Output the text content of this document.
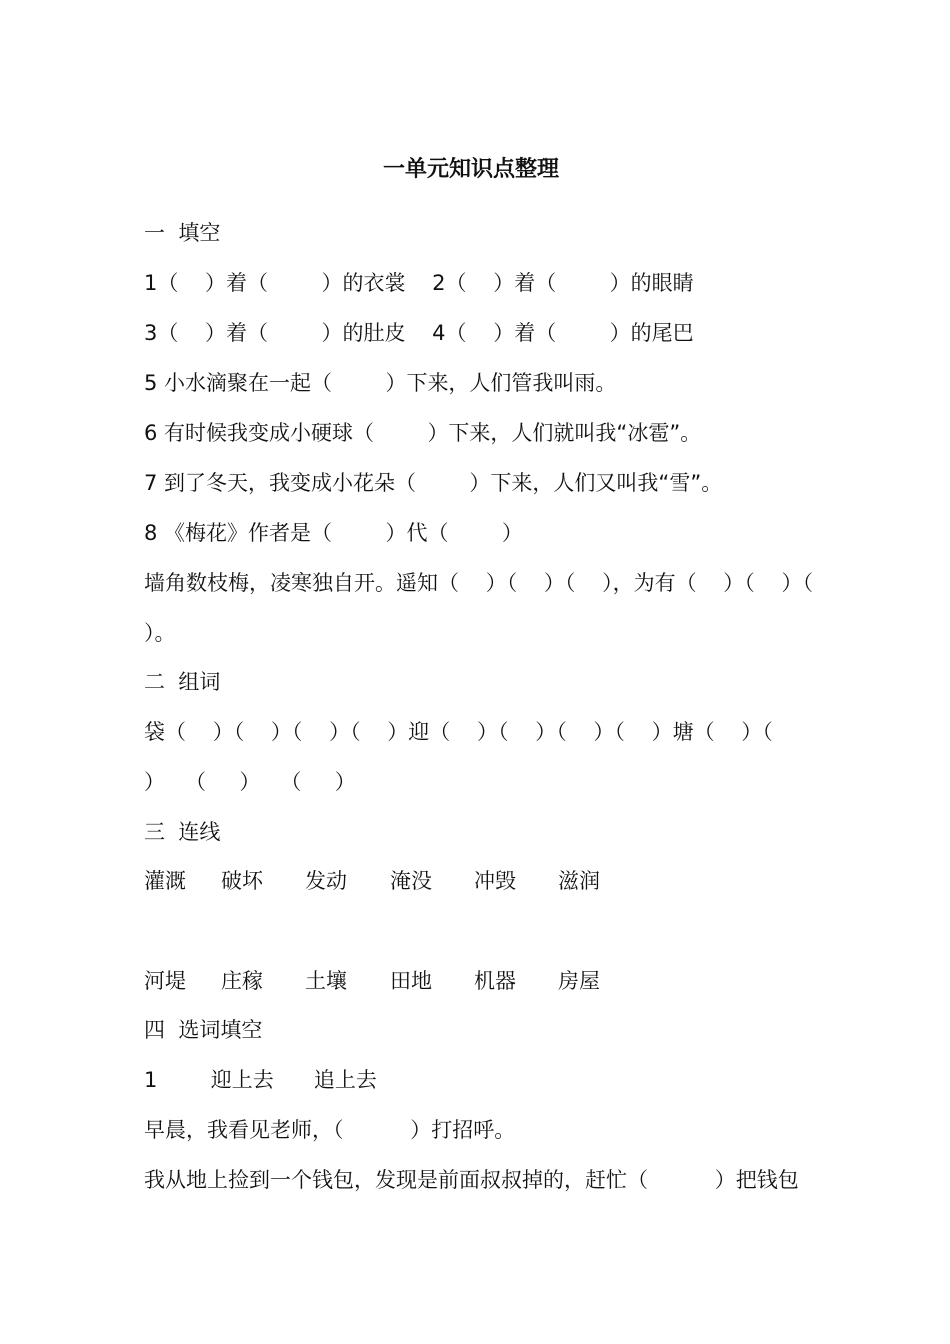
一单元知识点整理
一  填空
1（    ）着（        ）的衣裳    2（    ）着（        ）的眼睛
3（    ）着（        ）的肚皮    4（    ）着（        ）的尾巴
5 小水滴聚在一起（        ）下来，人们管我叫雨。
6 有时候我变成小硬球（        ）下来，人们就叫我“冰雹”。
7 到了冬天，我变成小花朵（        ）下来，人们又叫我“雪”。
8 《梅花》作者是（        ）代（        ）
墙角数枝梅，凌寒独自开。遥知（    ）（    ）（    ），为有（    ）（    ）（
）。
二  组词
袋（    ）（    ）（    ）（    ）迎（    ）（    ）（    ）（    ）塘（    ）（
）   （     ）   （     ）
三  连线
灌溉 破坏 发动 淹没 冲毁 滋润
河堤 庄稼 土壤 田地 机器 房屋
四  选词填空
1        迎上去      追上去
早晨，我看见老师，（          ）打招呼。
我从地上捡到一个钱包，发现是前面叔叔掉的，赶忙（          ）把钱包
